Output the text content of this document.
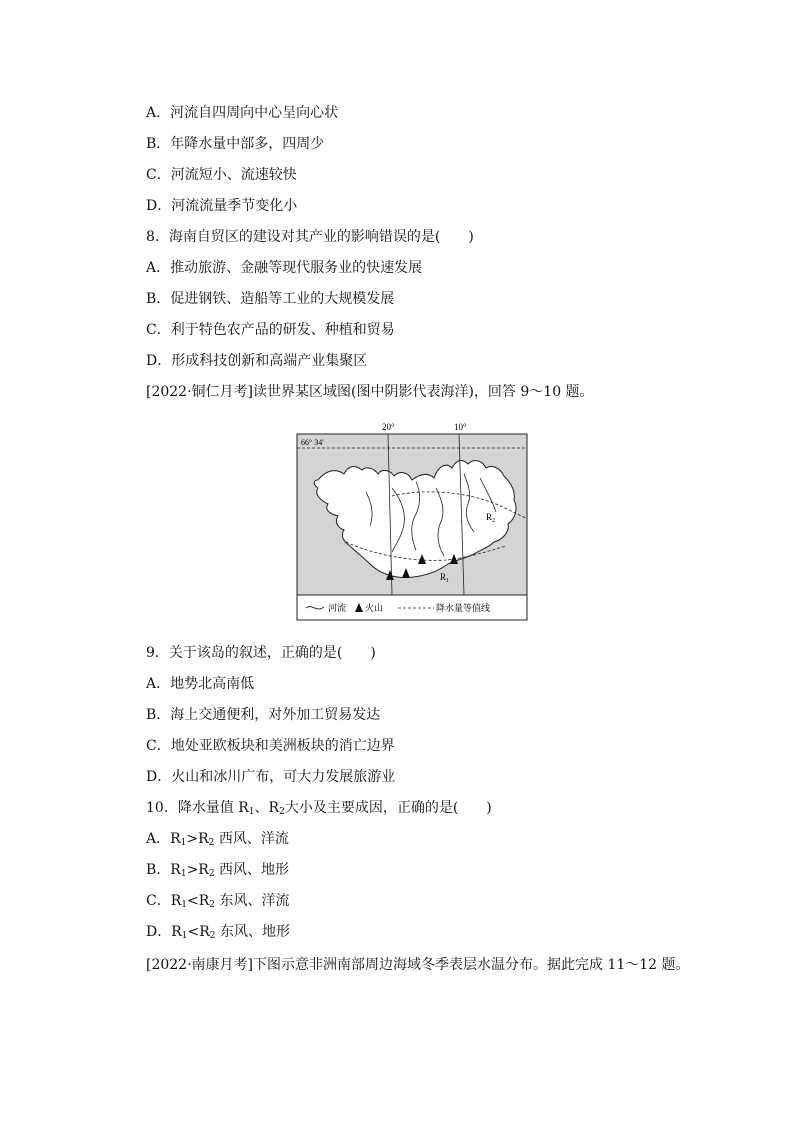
A．河流自四周向中心呈向心状
B．年降水量中部多，四周少
C．河流短小、流速较快
D．河流流量季节变化小
8．海南自贸区的建设对其产业的影响错误的是(　　)
A．推动旅游、金融等现代服务业的快速发展
B．促进钢铁、造船等工业的大规模发展
C．利于特色农产品的研发、种植和贸易
D．形成科技创新和高端产业集聚区
[2022·铜仁月考]读世界某区域图(图中阴影代表海洋)，回答 9～10 题。
20°	10°
66° 34′
$R_1$
$R_2$
河流 火山	降水量等值线
9．关于该岛的叙述，正确的是(　　)
A．地势北高南低
B．海上交通便利，对外加工贸易发达
C．地处亚欧板块和美洲板块的消亡边界
D．火山和冰川广布，可大力发展旅游业
10．降水量值 $R_1$、$R_2$大小及主要成因，正确的是(　　)
A．$R_1>R_2$ 西风、洋流
B．$R_1>R_2$ 西风、地形
C．$R_1<R_2$ 东风、洋流
D．$R_1<R_2$ 东风、地形
[2022·南康月考]下图示意非洲南部周边海域冬季表层水温分布。据此完成 11～12 题。
